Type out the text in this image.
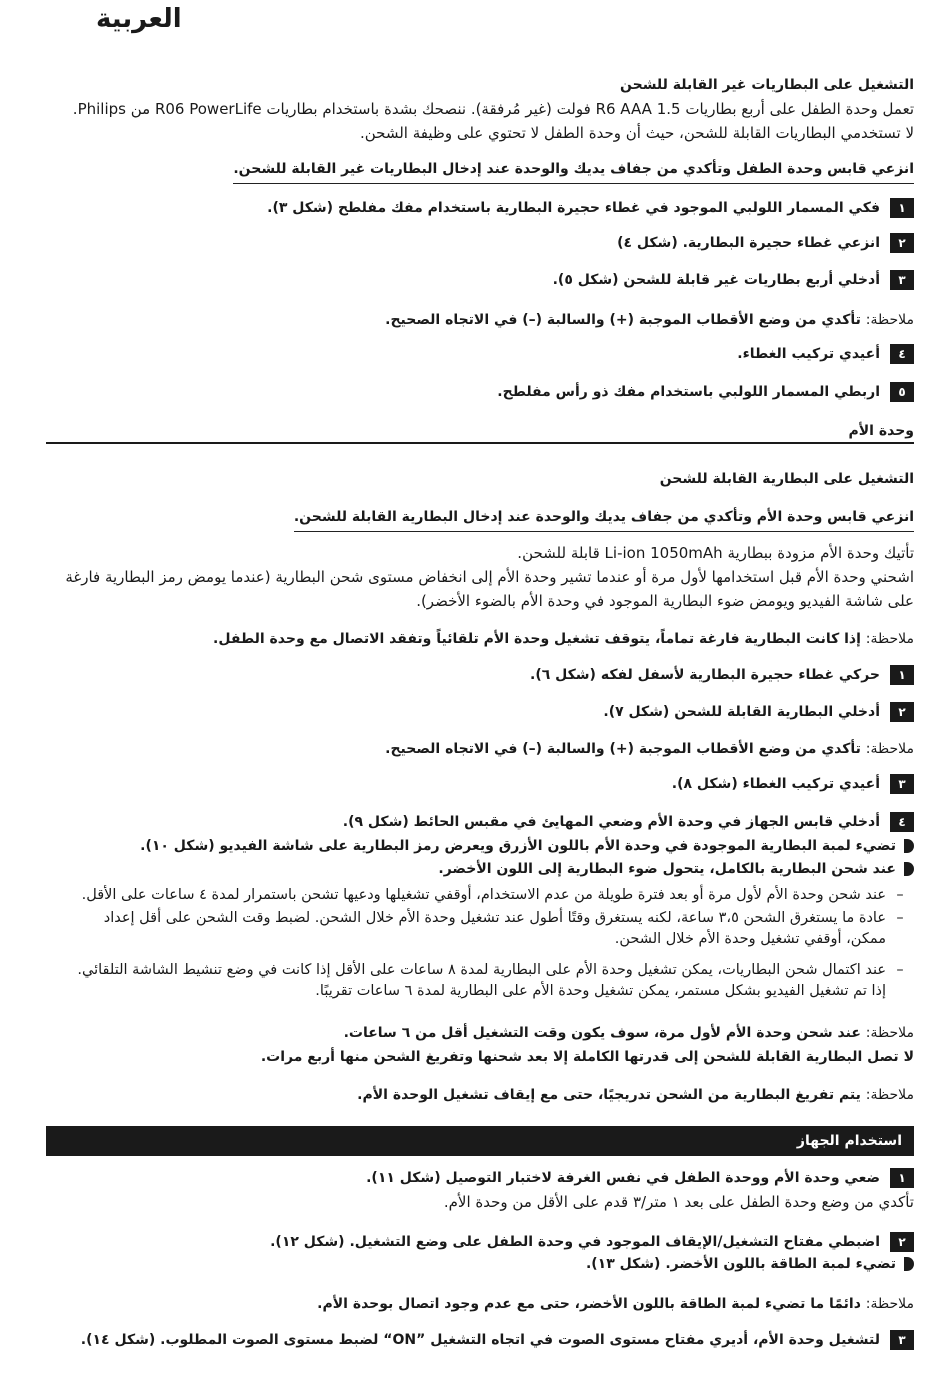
العربية
التشغيل على البطاريات غير القابلة للشحن
تعمل وحدة الطفل على أربع بطاريات R6 AAA 1.5 فولت (غير مُرفقة). ننصحك بشدة باستخدام بطاريات R06 PowerLife من Philips.
لا تستخدمي البطاريات القابلة للشحن، حيث أن وحدة الطفل لا تحتوي على وظيفة الشحن.
انزعي قابس وحدة الطفل وتأكدي من جفاف يديك والوحدة عند إدخال البطاريات غير القابلة للشحن.
١
فكي المسمار اللولبي الموجود في غطاء حجيرة البطارية باستخدام مفك مفلطح (شكل ٣).
٢
انزعي غطاء حجيرة البطارية. (شكل ٤)
٣
أدخلي أربع بطاريات غير قابلة للشحن (شكل ٥).
ملاحظة: تأكدي من وضع الأقطاب الموجبة (+) والسالبة (–) في الاتجاه الصحيح.
٤
أعيدي تركيب الغطاء.
٥
اربطي المسمار اللولبي باستخدام مفك ذو رأس مفلطح.
وحدة الأم
التشغيل على البطارية القابلة للشحن
انزعي قابس وحدة الأم وتأكدي من جفاف يديك والوحدة عند إدخال البطارية القابلة للشحن.
تأتيك وحدة الأم مزودة ببطارية Li-ion 1050mAh قابلة للشحن.
اشحني وحدة الأم قبل استخدامها لأول مرة أو عندما تشير وحدة الأم إلى انخفاض مستوى شحن البطارية (عندما يومض رمز البطارية فارغة
على شاشة الفيديو ويومض ضوء البطارية الموجود في وحدة الأم بالضوء الأخضر).
ملاحظة: إذا كانت البطارية فارغة تماماً، يتوقف تشغيل وحدة الأم تلقائياً وتفقد الاتصال مع وحدة الطفل.
١
حركي غطاء حجيرة البطارية لأسفل لفكه (شكل ٦).
٢
أدخلي البطارية القابلة للشحن (شكل ٧).
ملاحظة: تأكدي من وضع الأقطاب الموجبة (+) والسالبة (–) في الاتجاه الصحيح.
٣
أعيدي تركيب الغطاء (شكل ٨).
٤
أدخلي قابس الجهاز في وحدة الأم وضعي المهايئ في مقبس الحائط (شكل ٩).
تضيء لمبة البطارية الموجودة في وحدة الأم باللون الأزرق ويعرض رمز البطارية على شاشة الفيديو (شكل ١٠).
عند شحن البطارية بالكامل، يتحول ضوء البطارية إلى اللون الأخضر.
–عند شحن وحدة الأم لأول مرة أو بعد فترة طويلة من عدم الاستخدام، أوقفي تشغيلها ودعيها تشحن باستمرار لمدة ٤ ساعات على الأقل.
–عادة ما يستغرق الشحن ٣،٥ ساعة، لكنه يستغرق وقتًا أطول عند تشغيل وحدة الأم خلال الشحن. لضبط وقت الشحن على أقل إعداد
ممكن، أوقفي تشغيل وحدة الأم خلال الشحن.
–عند اكتمال شحن البطاريات، يمكن تشغيل وحدة الأم على البطارية لمدة ٨ ساعات على الأقل إذا كانت في وضع تنشيط الشاشة التلقائي.
إذا تم تشغيل الفيديو بشكل مستمر، يمكن تشغيل وحدة الأم على البطارية لمدة ٦ ساعات تقريبًا.
ملاحظة: عند شحن وحدة الأم لأول مرة، سوف يكون وقت التشغيل أقل من ٦ ساعات.
لا تصل البطارية القابلة للشحن إلى قدرتها الكاملة إلا بعد شحنها وتفريغ الشحن منها أربع مرات.
ملاحظة: يتم تفريغ البطارية من الشحن تدريجيًا، حتى مع إيقاف تشغيل الوحدة الأم.
استخدام الجهاز
١
ضعي وحدة الأم ووحدة الطفل في نفس الغرفة لاختبار التوصيل (شكل ١١).
تأكدي من وضع وحدة الطفل على بعد ١ متر/٣ قدم على الأقل من وحدة الأم.
٢
اضبطي مفتاح التشغيل/الإيقاف الموجود في وحدة الطفل على وضع التشغيل. (شكل ١٢).
تضيء لمبة الطاقة باللون الأخضر. (شكل ١٣).
ملاحظة: دائمًا ما تضيء لمبة الطاقة باللون الأخضر، حتى مع عدم وجود اتصال بوحدة الأم.
٣
لتشغيل وحدة الأم، أديري مفتاح مستوى الصوت في اتجاه التشغيل ”ON“ لضبط مستوى الصوت المطلوب. (شكل ١٤).
